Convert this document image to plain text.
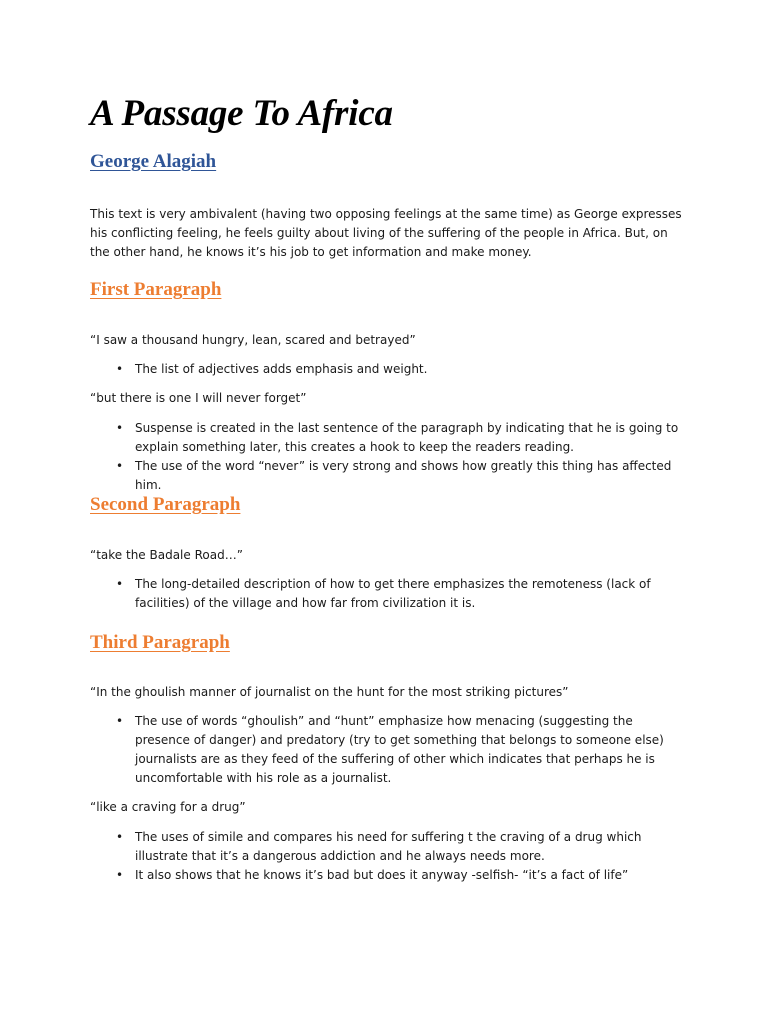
A Passage To Africa
George Alagiah

This text is very ambivalent (having two opposing feelings at the same time) as George expresses his conflicting feeling, he feels guilty about living of the suffering of the people in Africa. But, on the other hand, he knows it’s his job to get information and make money.

First Paragraph

“I saw a thousand hungry, lean, scared and betrayed”

• The list of adjectives adds emphasis and weight.

“but there is one I will never forget”

• Suspense is created in the last sentence of the paragraph by indicating that he is going to explain something later, this creates a hook to keep the readers reading.
• The use of the word “never” is very strong and shows how greatly this thing has affected him.
Second Paragraph

“take the Badale Road…”

• The long-detailed description of how to get there emphasizes the remoteness (lack of facilities) of the village and how far from civilization it is.
Third Paragraph

“In the ghoulish manner of journalist on the hunt for the most striking pictures”

• The use of words “ghoulish” and “hunt” emphasize how menacing (suggesting the presence of danger) and predatory (try to get something that belongs to someone else) journalists are as they feed of the suffering of other which indicates that perhaps he is uncomfortable with his role as a journalist.

“like a craving for a drug”

• The uses of simile and compares his need for suffering t the craving of a drug which illustrate that it’s a dangerous addiction and he always needs more.
• It also shows that he knows it’s bad but does it anyway -selfish- “it’s a fact of life”
